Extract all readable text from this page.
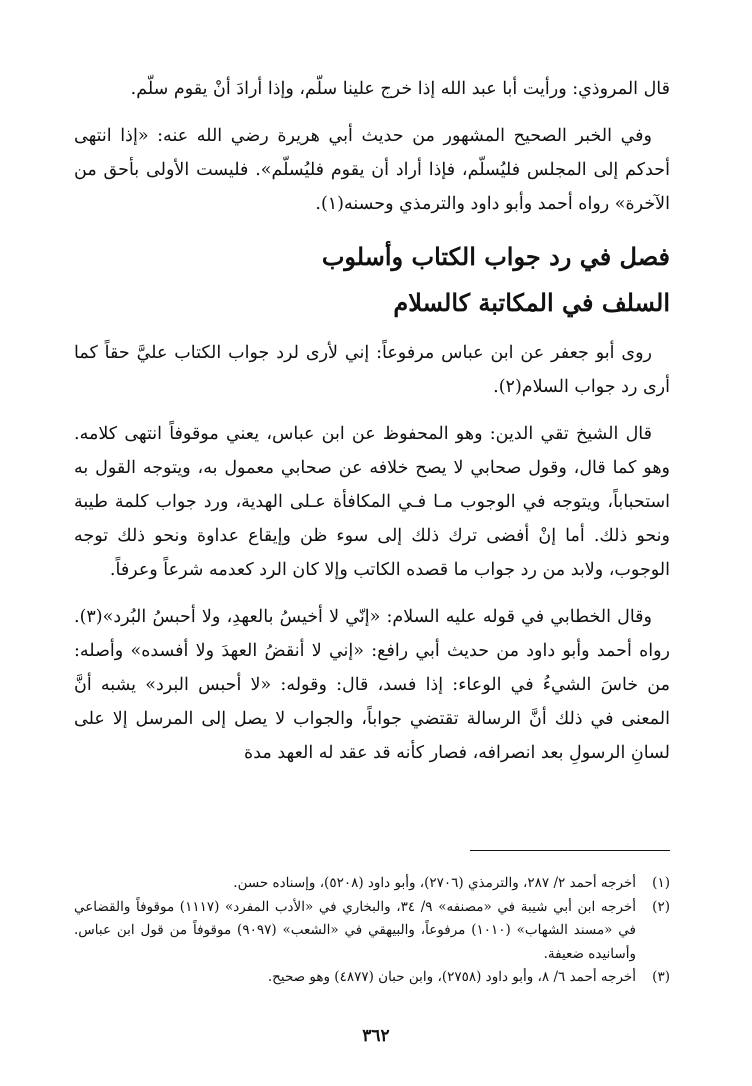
قال المروذي: ورأيت أبا عبد الله إذا خرج علينا سلّم، وإذا أرادَ أنْ يقوم سلّم.

وفي الخبر الصحيح المشهور من حديث أبي هريرة رضي الله عنه: «إذا انتهى أحدكم إلى المجلس فليُسلّم، فإذا أراد أن يقوم فليُسلّم». فليست الأولى بأحق من الآخرة» رواه أحمد وأبو داود والترمذي وحسنه(١).

فصل في رد جواب الكتاب وأسلوب
السلف في المكاتبة كالسلام

روى أبو جعفر عن ابن عباس مرفوعاً: إني لأرى لرد جواب الكتاب عليَّ حقاً كما أرى رد جواب السلام(٢).

قال الشيخ تقي الدين: وهو المحفوظ عن ابن عباس، يعني موقوفاً انتهى كلامه. وهو كما قال، وقول صحابي لا يصح خلافه عن صحابي معمول به، ويتوجه القول به استحباباً، ويتوجه في الوجوب مـا فـي المكافأة عـلى الهدية، ورد جواب كلمة طيبة ونحو ذلك. أما إنْ أفضى ترك ذلك إلى سوء ظن وإيقاع عداوة ونحو ذلك توجه الوجوب، ولابد من رد جواب ما قصده الكاتب وإلا كان الرد كعدمه شرعاً وعرفاً.

وقال الخطابي في قوله عليه السلام: «إنّي لا أخيسُ بالعهدِ، ولا أحبسُ البُرد»(٣). رواه أحمد وأبو داود من حديث أبي رافع: «إني لا أنقضُ العهدَ ولا أفسده» وأصله: من خاسَ الشيءُ في الوعاء: إذا فسد، قال: وقوله: «لا أحبس البرد» يشبه أنَّ المعنى في ذلك أنَّ الرسالة تقتضي جواباً، والجواب لا يصل إلى المرسل إلا على لسانِ الرسولِ بعد انصرافه، فصار كأنه قد عقد له العهد مدة

(١)
أخرجه أحمد ٢/ ٢٨٧، والترمذي (٢٧٠٦)، وأبو داود (٥٢٠٨)، وإسناده حسن.
(٢)
أخرجه ابن أبي شيبة في «مصنفه» ٩/ ٣٤، والبخاري في «الأدب المفرد» (١١١٧) موقوفاً والقضاعي في «مسند الشهاب» (١٠١٠) مرفوعاً، والبيهقي في «الشعب» (٩٠٩٧) موقوفاً من قول ابن عباس. وأسانيده ضعيفة.
(٣)
أخرجه أحمد ٦/ ٨، وأبو داود (٢٧٥٨)، وابن حبان (٤٨٧٧) وهو صحيح.
٣٦٢
